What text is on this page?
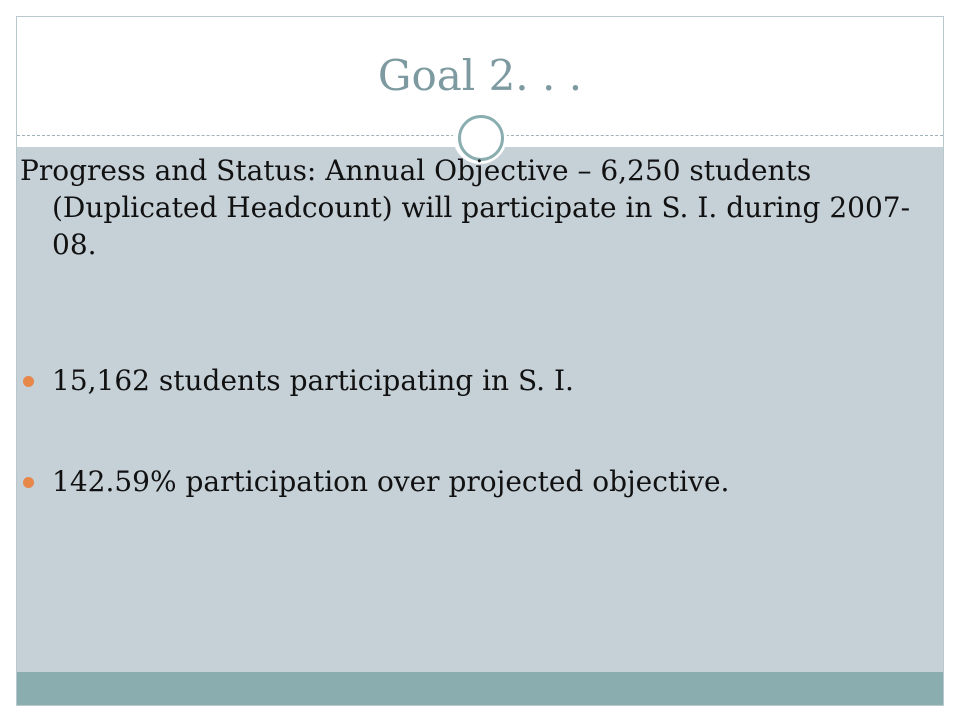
Goal 2. . .
Progress and Status: Annual Objective – 6,250 students (Duplicated Headcount) will participate in S. I. during 2007-08.
15,162 students participating in S. I.
142.59% participation over projected objective.
